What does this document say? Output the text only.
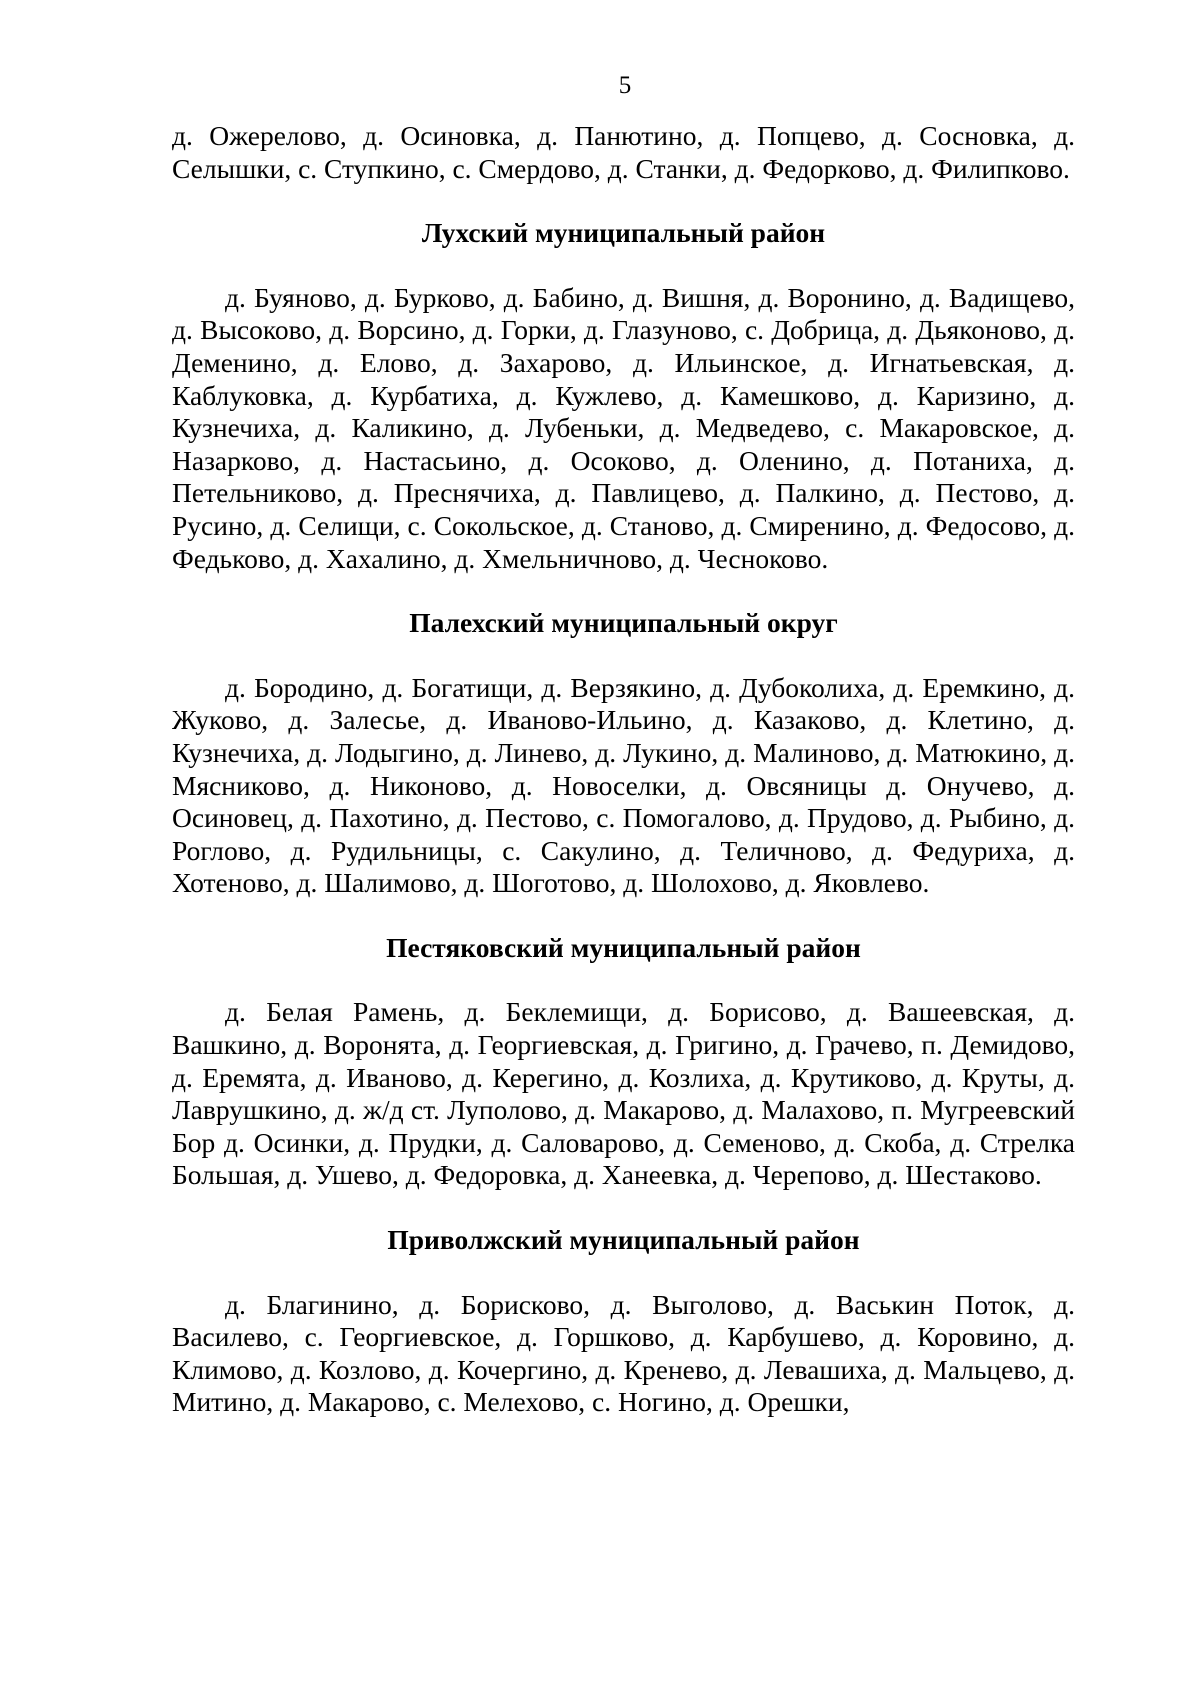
5

д. Ожерелово, д. Осиновка, д. Панютино, д. Попцево, д. Сосновка, д. Селышки, с. Ступкино, с. Смердово, д. Станки, д. Федорково, д. Филипково.

Лухский муниципальный район

д. Буяново, д. Бурково, д. Бабино, д. Вишня, д. Воронино, д. Вадищево, д. Высоково, д. Ворсино, д. Горки, д. Глазуново, с. Добрица, д. Дьяконово, д. Деменино, д. Елово, д. Захарово, д. Ильинское, д. Игнатьевская, д. Каблуковка, д. Курбатиха, д. Кужлево, д. Камешково, д. Каризино, д. Кузнечиха, д. Каликино, д. Лубеньки, д. Медведево, с. Макаровское, д. Назарково, д. Настасьино, д. Осоково, д. Оленино, д. Потаниха, д. Петельниково, д. Преснячиха, д. Павлицево, д. Палкино, д. Пестово, д. Русино, д. Селищи, с. Сокольское, д. Становo, д. Смиренино, д. Федосово, д. Федьково, д. Хахалино, д. Хмельничново, д. Чесноково.

Палехский муниципальный округ

д. Бородино, д. Богатищи, д. Верзякино, д. Дубоколиха, д. Еремкино, д. Жуково, д. Залесье, д. Иваново-Ильино, д. Казаково, д. Клетино, д. Кузнечиха, д. Лодыгино, д. Линево, д. Лукино, д. Малиново, д. Матюкино, д. Мясниково, д. Никоново, д. Новоселки, д. Овсяницы д. Онучево, д. Осиновец, д. Пахотино, д. Пестово, с. Помогалово, д. Прудово, д. Рыбино, д. Роглово, д. Рудильницы, с. Сакулино, д. Теличново, д. Федуриха, д. Хотеново, д. Шалимово, д. Шоготово, д. Шолохово, д. Яковлево.

Пестяковский муниципальный район

д. Белая Рамень, д. Беклемищи, д. Борисово, д. Вашеевская, д. Вашкино, д. Воронята, д. Георгиевская, д. Григино, д. Грачево, п. Демидово, д. Еремята, д. Иваново, д. Керегино, д. Козлиха, д. Крутиково, д. Круты, д. Лаврушкино, д. ж/д ст. Луполово, д. Макарово, д. Малахово, п. Мугреевский Бор д. Осинки, д. Прудки, д. Саловарово, д. Семеново, д. Скоба, д. Стрелка Большая, д. Ушево, д. Федоровка, д. Ханеевка, д. Черепово, д. Шестаково.

Приволжский муниципальный район

д. Благинино, д. Борисково, д. Выголово, д. Васькин Поток, д. Василево, с. Георгиевское, д. Горшково, д. Карбушево, д. Коровино, д. Климово, д. Козлово, д. Кочергино, д. Кренево, д. Левашиха, д. Мальцево, д. Митино, д. Макарово, с. Мелехово, с. Ногино, д. Орешки,
